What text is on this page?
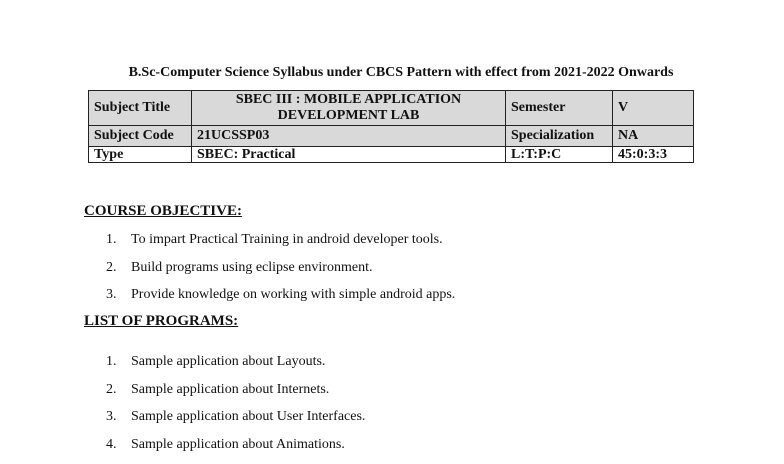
B.Sc-Computer Science Syllabus under CBCS Pattern with effect from 2021-2022 Onwards
Subject Title	SBEC III : MOBILE APPLICATION DEVELOPMENT LAB	Semester	V
Subject Code	21UCSSP03	Specialization	NA
Type	SBEC: Practical	L:T:P:C	45:0:3:3
COURSE OBJECTIVE:
1. To impart Practical Training in android developer tools.
2. Build programs using eclipse environment.
3. Provide knowledge on working with simple android apps.
LIST OF PROGRAMS:
1. Sample application about Layouts.
2. Sample application about Internets.
3. Sample application about User Interfaces.
4. Sample application about Animations.
